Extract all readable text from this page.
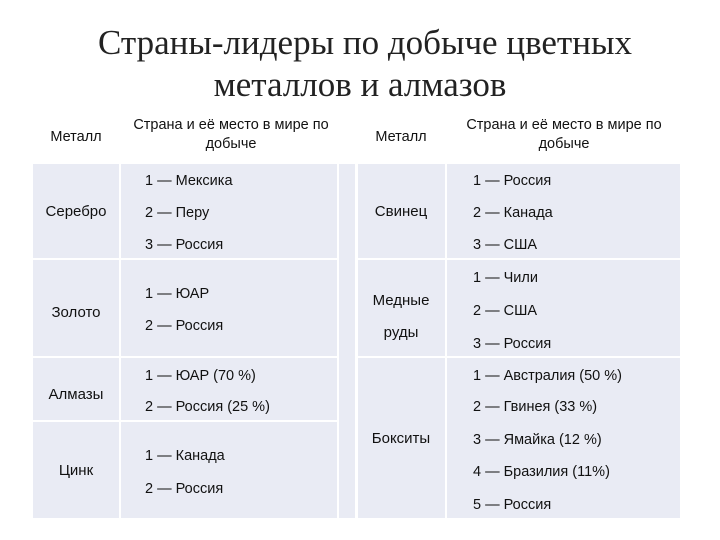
Страны-лидеры по добыче цветных
металлов и алмазов
Металл
Страна и её место в мире по добыче	Металл
Страна и её место в мире по добыче
Серебро
Золото
Алмазы
Цинк
1 — Мексика
2 — Перу
3 — Россия
1 — ЮАР
2 — Россия
1 — ЮАР (70 %)
2 — Россия (25 %)
1 — Канада
2 — Россия
Свинец
Медные
руды
Бокситы
1 — Россия
2 — Канада
3 — США
1 — Чили
2 — США
3 — Россия
1 — Австралия (50 %)
2 — Гвинея (33 %)
3 — Ямайка (12 %)
4 — Бразилия (11%)
5 — Россия
